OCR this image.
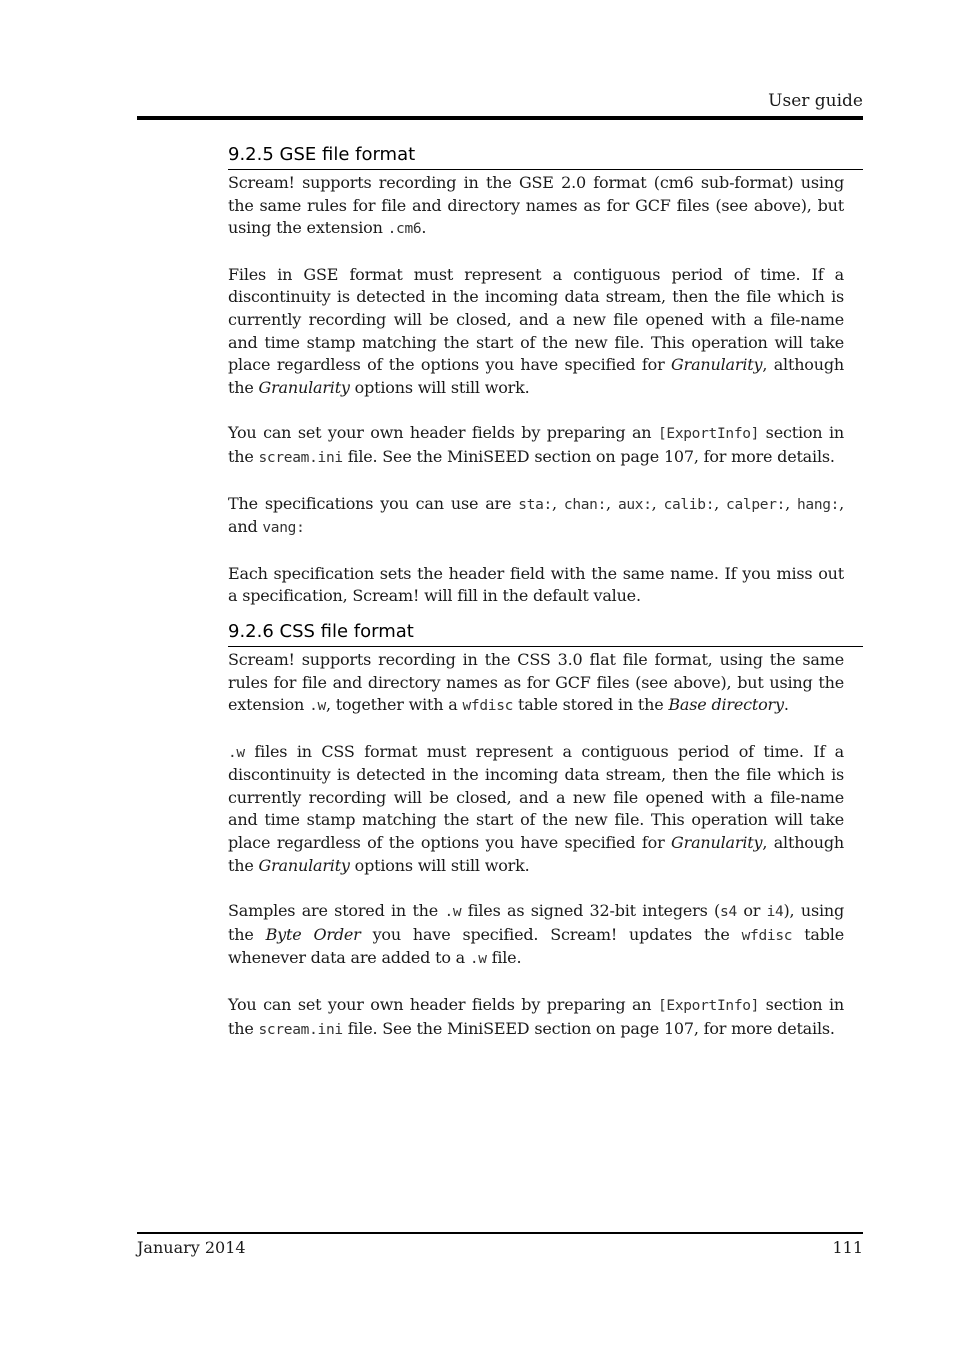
User guide
9.2.5 GSE file format

Scream! supports recording in the GSE 2.0 format (cm6 sub-format) using the same rules for file and directory names as for GCF files (see above), but using the extension .cm6.

Files in GSE format must represent a contiguous period of time. If a discontinuity is detected in the incoming data stream, then the file which is currently recording will be closed, and a new file opened with a file-name and time stamp matching the start of the new file. This operation will take place regardless of the options you have specified for Granularity, although the Granularity options will still work.

You can set your own header fields by preparing an [ExportInfo] section in the scream.ini file. See the MiniSEED section on page 107, for more details.

The specifications you can use are sta:, chan:, aux:, calib:, calper:, hang:, and vang:

Each specification sets the header field with the same name. If you miss out a specification, Scream! will fill in the default value.

9.2.6 CSS file format

Scream! supports recording in the CSS 3.0 flat file format, using the same rules for file and directory names as for GCF files (see above), but using the extension .w, together with a wfdisc table stored in the Base directory.

.w files in CSS format must represent a contiguous period of time. If a discontinuity is detected in the incoming data stream, then the file which is currently recording will be closed, and a new file opened with a file-name and time stamp matching the start of the new file. This operation will take place regardless of the options you have specified for Granularity, although the Granularity options will still work.

Samples are stored in the .w files as signed 32-bit integers (s4 or i4), using the Byte Order you have specified. Scream! updates the wfdisc table whenever data are added to a .w file.

You can set your own header fields by preparing an [ExportInfo] section in the scream.ini file. See the MiniSEED section on page 107, for more details.

January 2014	111
